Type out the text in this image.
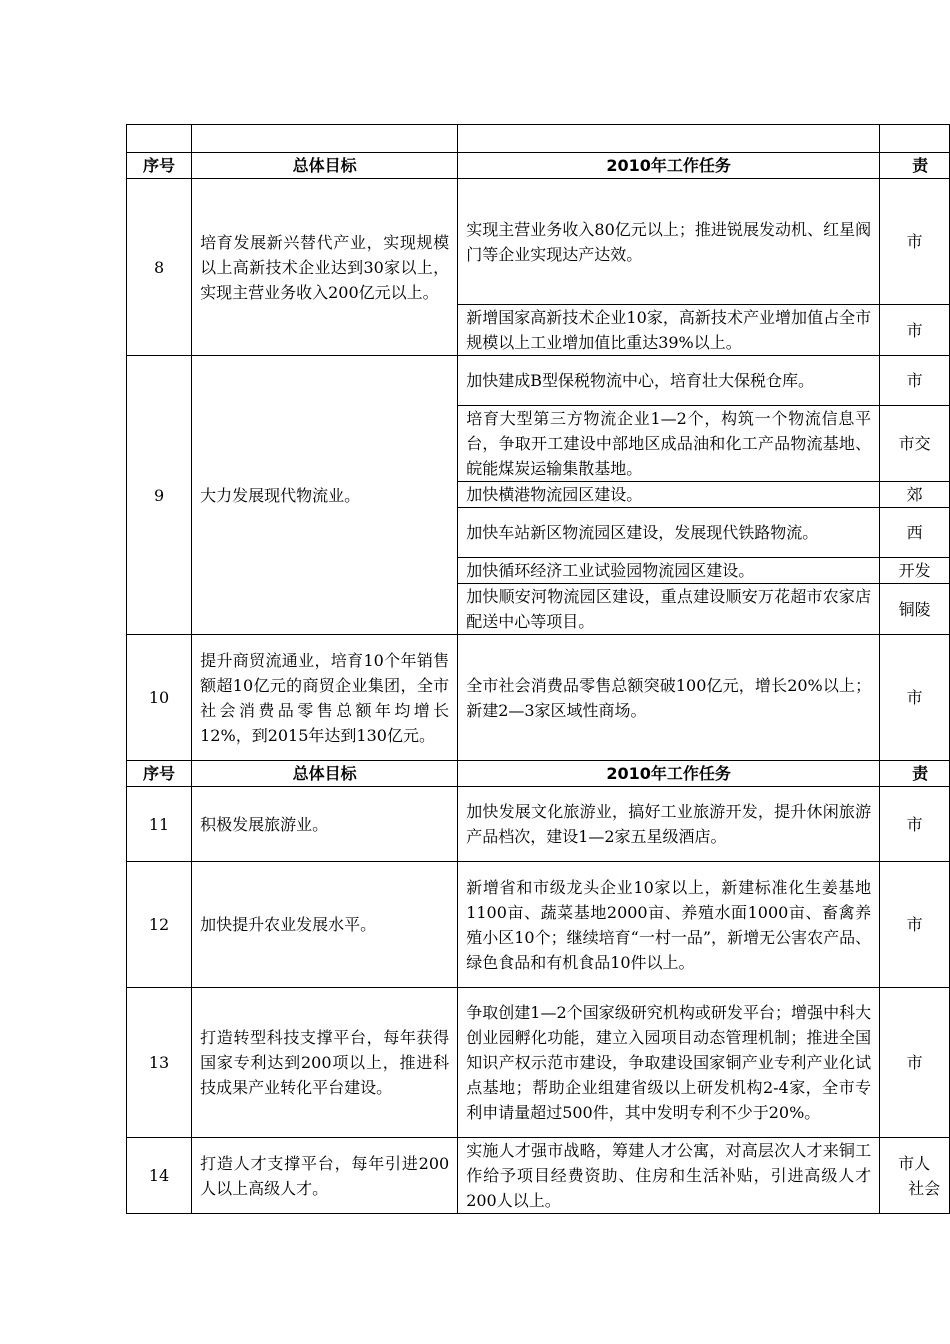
序号	总体目标	2010年工作任务	责
8	培育发展新兴替代产业，实现规模以上高新技术企业达到30家以上，实现主营业务收入200亿元以上。	实现主营业务收入80亿元以上；推进锐展发动机、红星阀门等企业实现达产达效。	市
		新增国家高新技术企业10家，高新技术产业增加值占全市规模以上工业增加值比重达39%以上。	市
9	大力发展现代物流业。	加快建成B型保税物流中心，培育壮大保税仓库。	市
		培育大型第三方物流企业1—2个，构筑一个物流信息平台，争取开工建设中部地区成品油和化工产品物流基地、皖能煤炭运输集散基地。	市交
		加快横港物流园区建设。	郊
		加快车站新区物流园区建设，发展现代铁路物流。	西
		加快循环经济工业试验园物流园区建设。	开发
		加快顺安河物流园区建设，重点建设顺安万花超市农家店配送中心等项目。	铜陵
10	提升商贸流通业，培育10个年销售额超10亿元的商贸企业集团，全市社会消费品零售总额年均增长12%，到2015年达到130亿元。	全市社会消费品零售总额突破100亿元，增长20%以上；新建2—3家区域性商场。	市
序号	总体目标	2010年工作任务	责
11	积极发展旅游业。	加快发展文化旅游业，搞好工业旅游开发，提升休闲旅游产品档次，建设1—2家五星级酒店。	市
12	加快提升农业发展水平。	新增省和市级龙头企业10家以上，新建标准化生姜基地1100亩、蔬菜基地2000亩、养殖水面1000亩、畜禽养殖小区10个；继续培育“一村一品”，新增无公害农产品、绿色食品和有机食品10件以上。	市
13	打造转型科技支撑平台，每年获得国家专利达到200项以上，推进科技成果产业转化平台建设。	争取创建1—2个国家级研究机构或研发平台；增强中科大创业园孵化功能，建立入园项目动态管理机制；推进全国知识产权示范市建设，争取建设国家铜产业专利产业化试点基地；帮助企业组建省级以上研发机构2-4家，全市专利申请量超过500件，其中发明专利不少于20%。	市
14	打造人才支撑平台，每年引进200人以上高级人才。	实施人才强市战略，筹建人才公寓，对高层次人才来铜工作给予项目经费资助、住房和生活补贴，引进高级人才200人以上。	市人
社会
